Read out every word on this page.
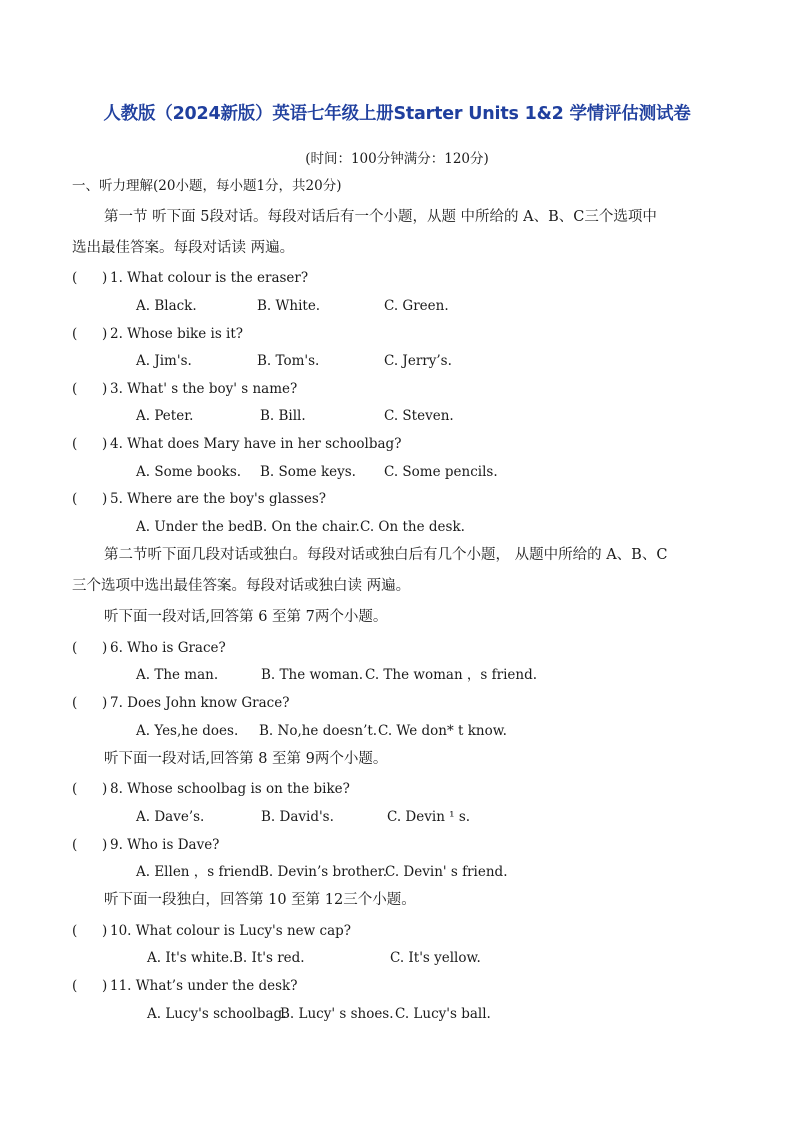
人教版（2024新版）英语七年级上册Starter Units 1&2 学情评估测试卷
(时间：100分钟满分：120分)
一、听力理解(20小题，每小题1分，共20分)
第一节 听下面 5段对话。每段对话后有一个小题，从题 中所给的 A、B、C三个选项中
选出最佳答案。每段对话读 两遍。
( ) 1. What colour is the eraser?
A. Black.	B. White.	C. Green.
( ) 2. Whose bike is it?
A. Jim's.	B. Tom's.	C. Jerry’s.
( ) 3. What' s the boy' s name?
A. Peter.	B. Bill.	C. Steven.
( ) 4. What does Mary have in her schoolbag?
A. Some books. B. Some keys. C. Some pencils.
( ) 5. Where are the boy's glasses?
A. Under the bed.
B. On the chair. C. On the desk.
第二节听下面几段对话或独白。每段对话或独白后有几个小题， 从题中所给的 A、B、C
三个选项中选出最佳答案。每段对话或独白读 两遍。
听下面一段对话,回答第 6 至第 7两个小题。
( ) 6. Who is Grace?
A. The man.	B. The woman. C. The woman ，s friend.
( ) 7. Does John know Grace?
A. Yes,he does. B. No,he doesn’t. C. We don* t know.
听下面一段对话,回答第 8 至第 9两个小题。
( ) 8. Whose schoolbag is on the bike?
A. Dave’s.	B. David's.	C. Devin ¹ s.
( ) 9. Who is Dave?
A. Ellen ，s friend.
B. Devin’s brother.
C. Devin' s friend.
听下面一段独白，回答第 10 至第 12三个小题。
( ) 10. What colour is Lucy's new cap?
A. It's white. B. It's red.	C. It's yellow.
( ) 11. What’s under the desk?
A. Lucy's schoolbag.
B. Lucy' s shoes. C. Lucy's ball.
